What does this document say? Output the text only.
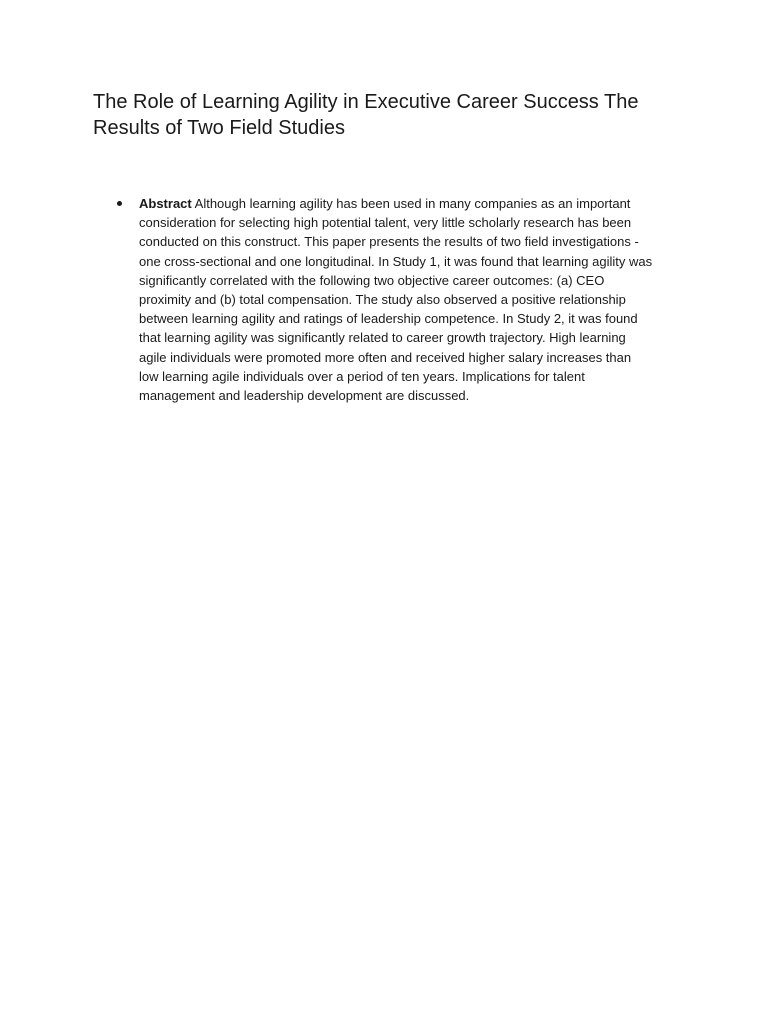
The Role of Learning Agility in Executive Career Success The Results of Two Field Studies

Abstract Although learning agility has been used in many companies as an important consideration for selecting high potential talent, very little scholarly research has been conducted on this construct. This paper presents the results of two field investigations -one cross-sectional and one longitudinal. In Study 1, it was found that learning agility was significantly correlated with the following two objective career outcomes: (a) CEO proximity and (b) total compensation. The study also observed a positive relationship between learning agility and ratings of leadership competence. In Study 2, it was found that learning agility was significantly related to career growth trajectory. High learning agile individuals were promoted more often and received higher salary increases than low learning agile individuals over a period of ten years. Implications for talent management and leadership development are discussed.
